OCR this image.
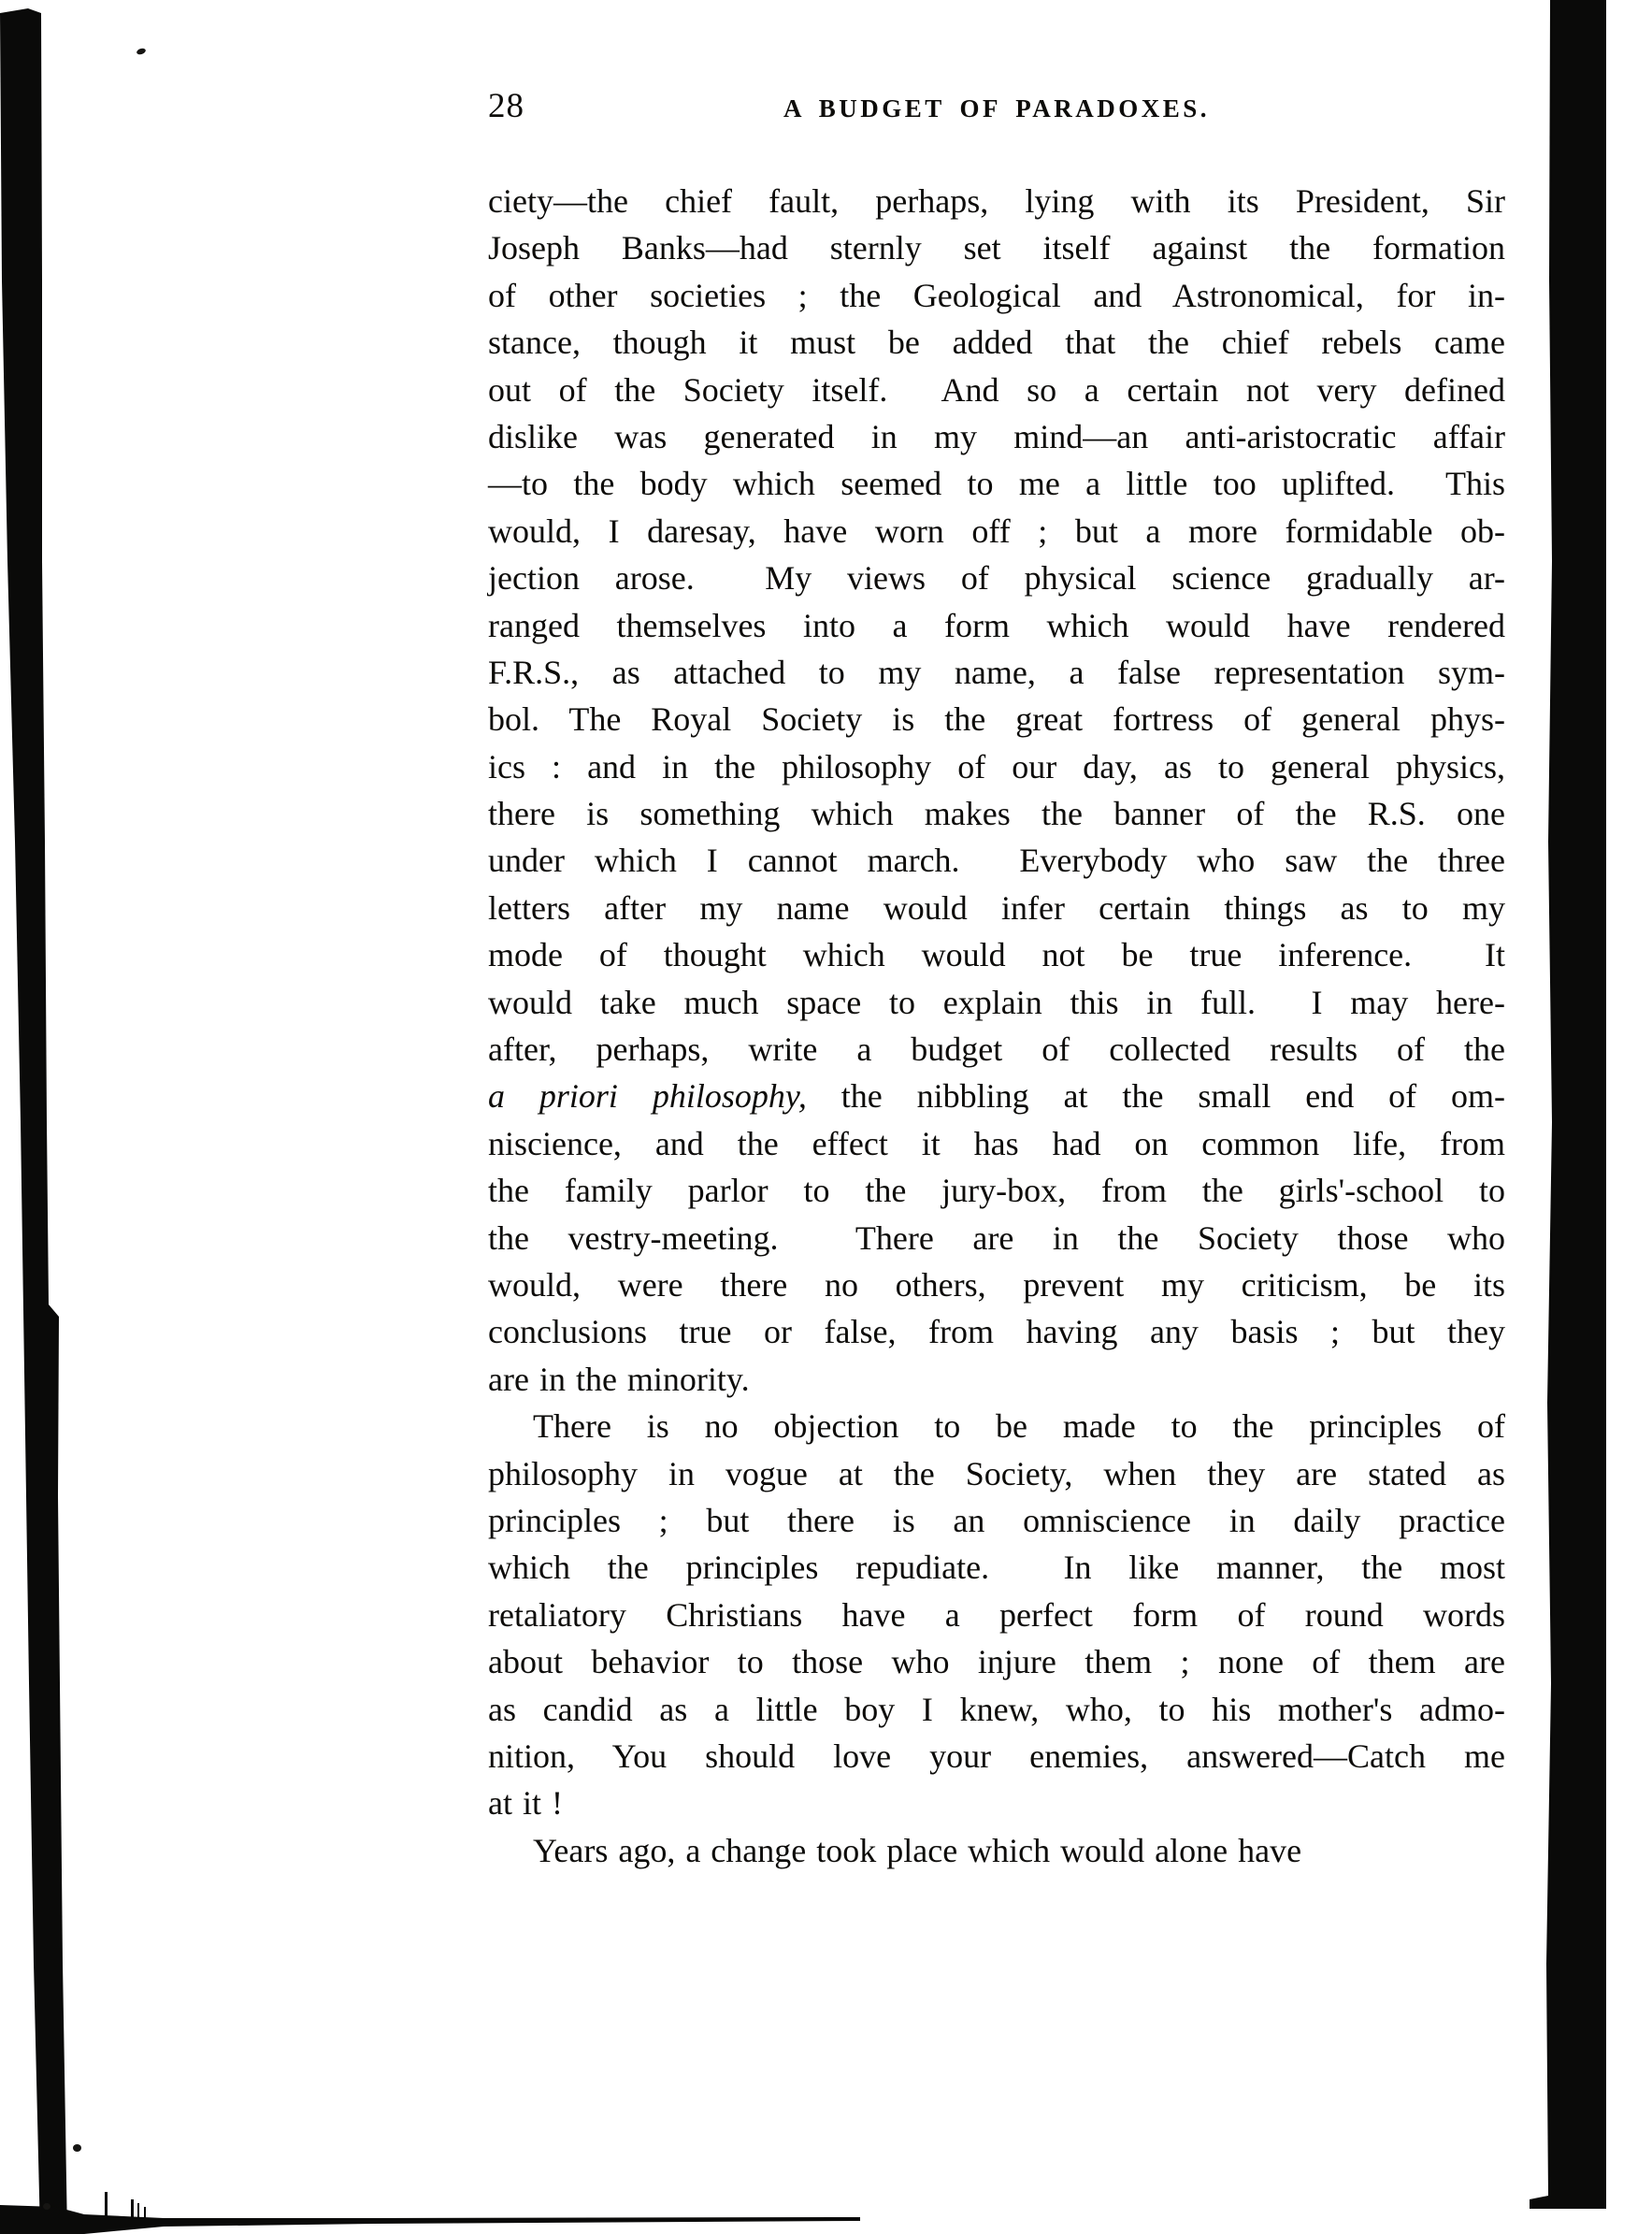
28	A BUDGET OF PARADOXES.
ciety—the chief fault, perhaps, lying with its President, Sir
Joseph Banks—had sternly set itself against the formation
of other societies ; the Geological and Astronomical, for in-
stance, though it must be added that the chief rebels came
out of the Society itself.  And so a certain not very defined
dislike was generated in my mind—an anti-aristocratic affair
—to the body which seemed to me a little too uplifted.  This
would, I daresay, have worn off ; but a more formidable ob-
jection arose.  My views of physical science gradually ar-
ranged themselves into a form which would have rendered
F.R.S., as attached to my name, a false representation sym-
bol. The Royal Society is the great fortress of general phys-
ics : and in the philosophy of our day, as to general physics,
there is something which makes the banner of the R.S. one
under which I cannot march.  Everybody who saw the three
letters after my name would infer certain things as to my
mode of thought which would not be true inference.  It
would take much space to explain this in full.  I may here-
after, perhaps, write a budget of collected results of the
a priori philosophy, the nibbling at the small end of om-
niscience, and the effect it has had on common life, from
the family parlor to the jury-box, from the girls'-school to
the vestry-meeting.  There are in the Society those who
would, were there no others, prevent my criticism, be its
conclusions true or false, from having any basis ; but they
are in the minority.
There is no objection to be made to the principles of
philosophy in vogue at the Society, when they are stated as
principles ; but there is an omniscience in daily practice
which the principles repudiate.  In like manner, the most
retaliatory Christians have a perfect form of round words
about behavior to those who injure them ; none of them are
as candid as a little boy I knew, who, to his mother's admo-
nition, You should love your enemies, answered—Catch me
at it !
Years ago, a change took place which would alone have
